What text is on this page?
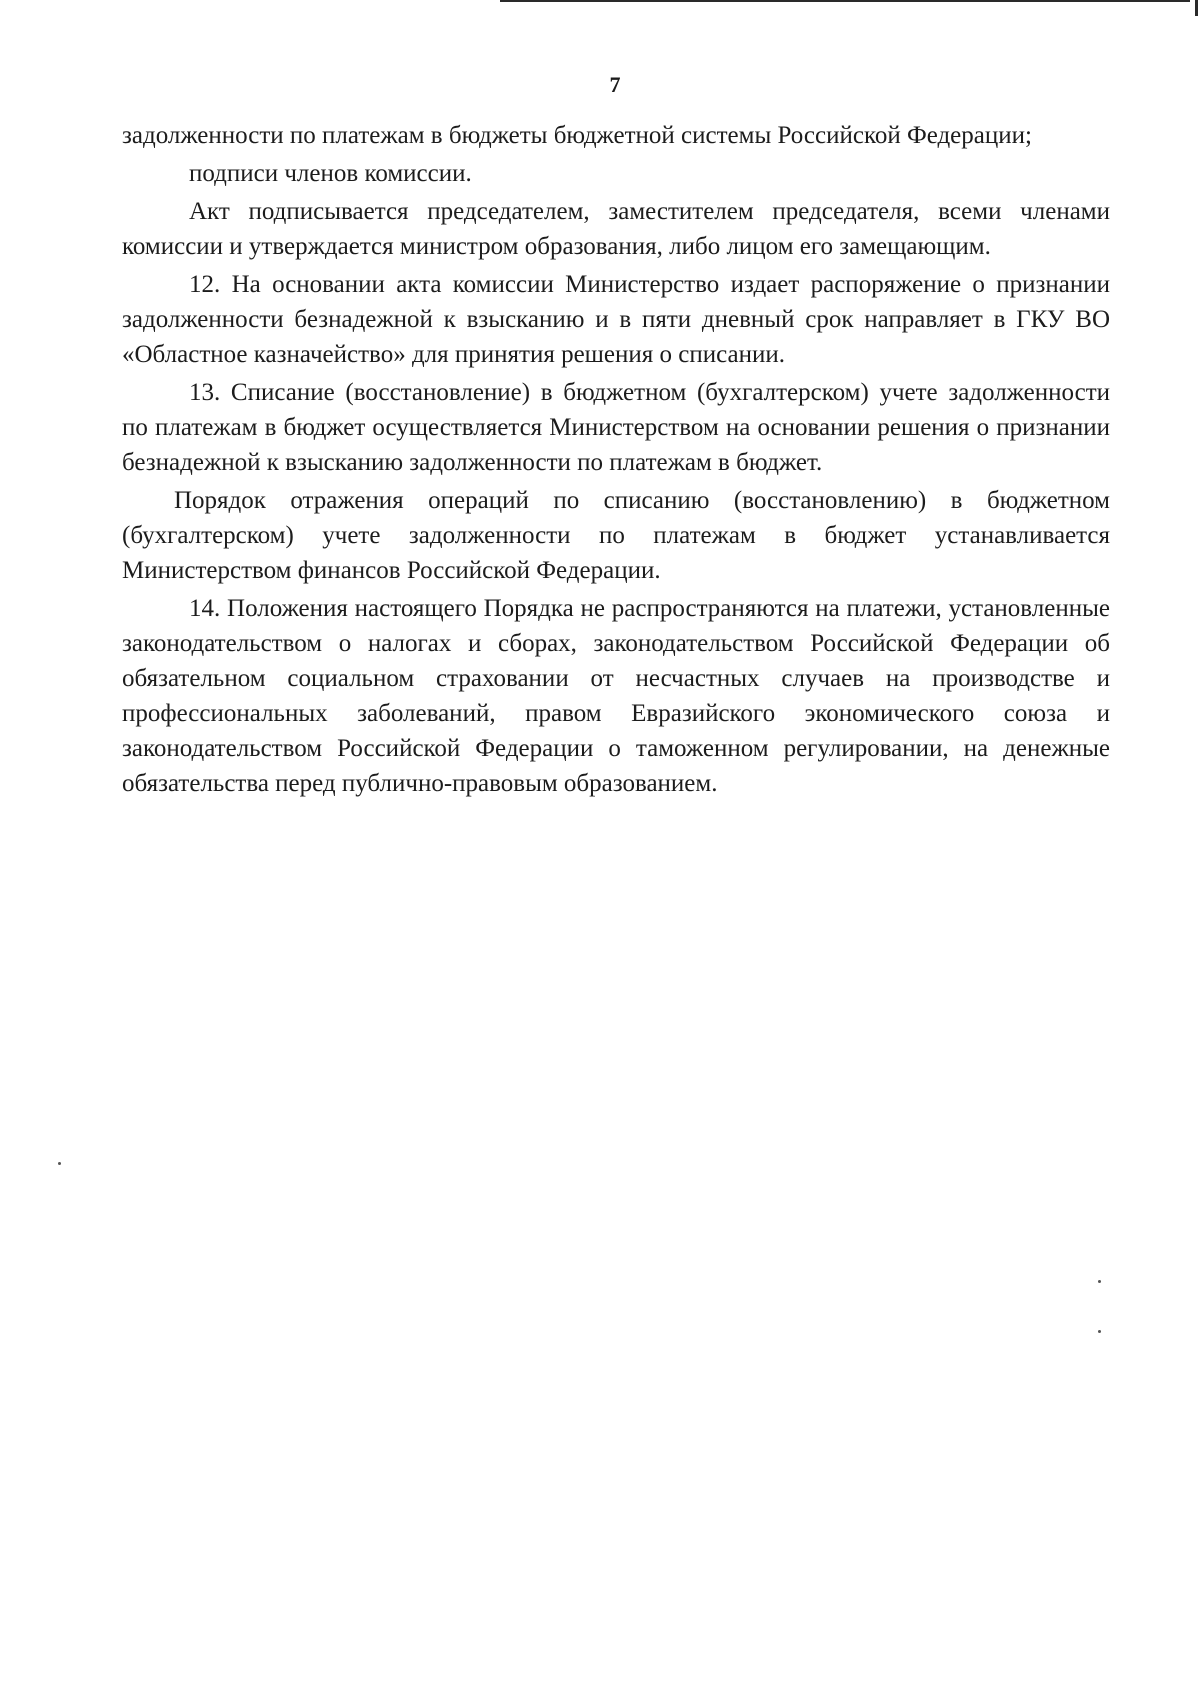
7

задолженности по платежам в бюджеты бюджетной системы Российской Федерации;

подписи членов комиссии.

Акт подписывается председателем, заместителем председателя, всеми членами комиссии и утверждается министром образования, либо лицом его замещающим.

12. На основании акта комиссии Министерство издает распоряжение о признании задолженности безнадежной к взысканию и в пяти дневный срок направляет в ГКУ ВО «Областное казначейство» для принятия решения о списании.

13. Списание (восстановление) в бюджетном (бухгалтерском) учете задолженности по платежам в бюджет осуществляется Министерством на основании решения о признании безнадежной к взысканию задолженности по платежам в бюджет.

Порядок отражения операций по списанию (восстановлению) в бюджетном (бухгалтерском) учете задолженности по платежам в бюджет устанавливается Министерством финансов Российской Федерации.

14. Положения настоящего Порядка не распространяются на платежи, установленные законодательством о налогах и сборах, законодательством Российской Федерации об обязательном социальном страховании от несчастных случаев на производстве и профессиональных заболеваний, правом Евразийского экономического союза и законодательством Российской Федерации о таможенном регулировании, на денежные обязательства перед публично-правовым образованием.
